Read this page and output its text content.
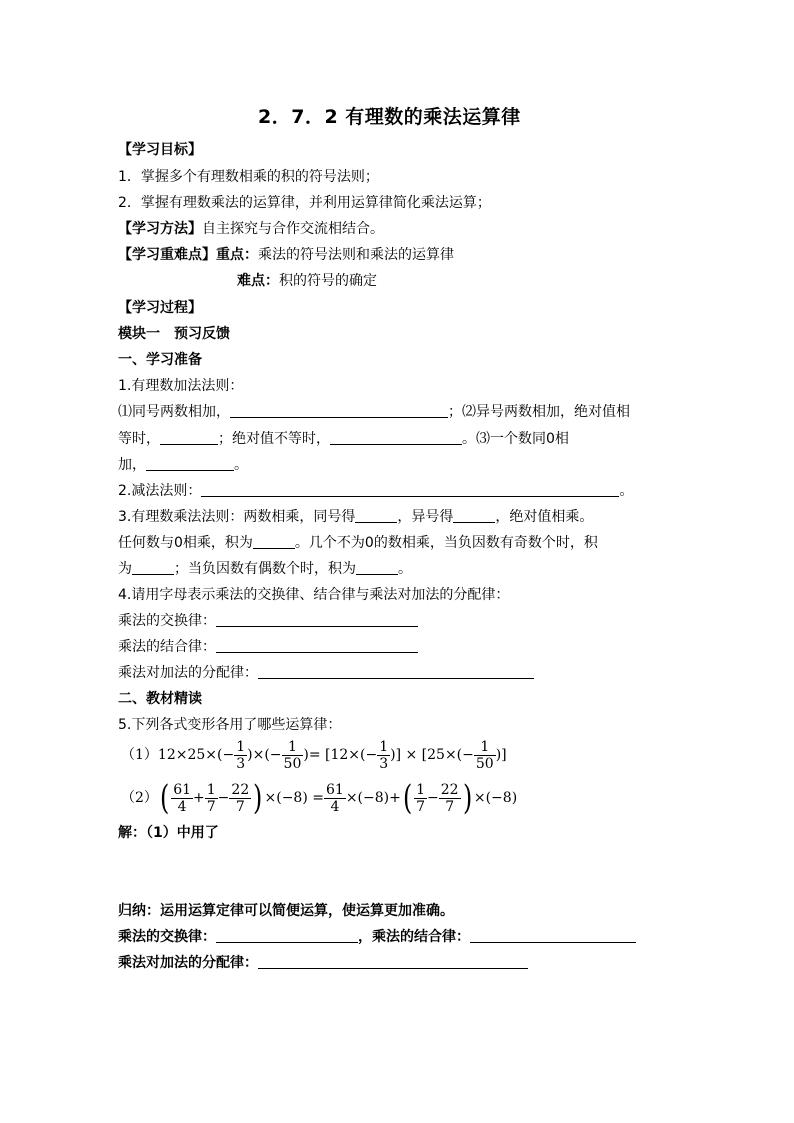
2．7．2 有理数的乘法运算律
【学习目标】
1．掌握多个有理数相乘的积的符号法则；
2．掌握有理数乘法的运算律，并利用运算律简化乘法运算；
【学习方法】自主探究与合作交流相结合。
【学习重难点】重点：乘法的符号法则和乘法的运算律
难点：积的符号的确定
【学习过程】
模块一　预习反馈
一、学习准备
1.有理数加法法则：
⑴同号两数相加，	；⑵异号两数相加，绝对值相
等时，	；绝对值不等时，	。⑶一个数同0相
加，	。
2.减法法则：	。
3.有理数乘法法则：两数相乘，同号得	，异号得	，绝对值相乘。
任何数与0相乘，积为	。几个不为0的数相乘，当负因数有奇数个时，积
为	；当负因数有偶数个时，积为	。
4.请用字母表示乘法的交换律、结合律与乘法对加法的分配律：
乘法的交换律：
乘法的结合律：
乘法对加法的分配律：
二、教材精读
5.下列各式变形各用了哪些运算律：
$(1)12\times 25\times(- \frac{1}{3}$ )×(− $\frac{1}{50}$ )= [$12\times(- \frac{1}{3}$ )] × [$25\times(- \frac{1}{50}$ )]
$(2)( \frac{61}{4} + \frac{1}{7} - \frac{22}{7}$ ) $\times(-8) = \frac{61}{4} \times(-8)+( \frac{1}{7} - \frac{22}{7}$ ) ×(−8)
解：（1）中用了
归纳：运用运算定律可以简便运算，使运算更加准确。
乘法的交换律：	，乘法的结合律：
乘法对加法的分配律：
